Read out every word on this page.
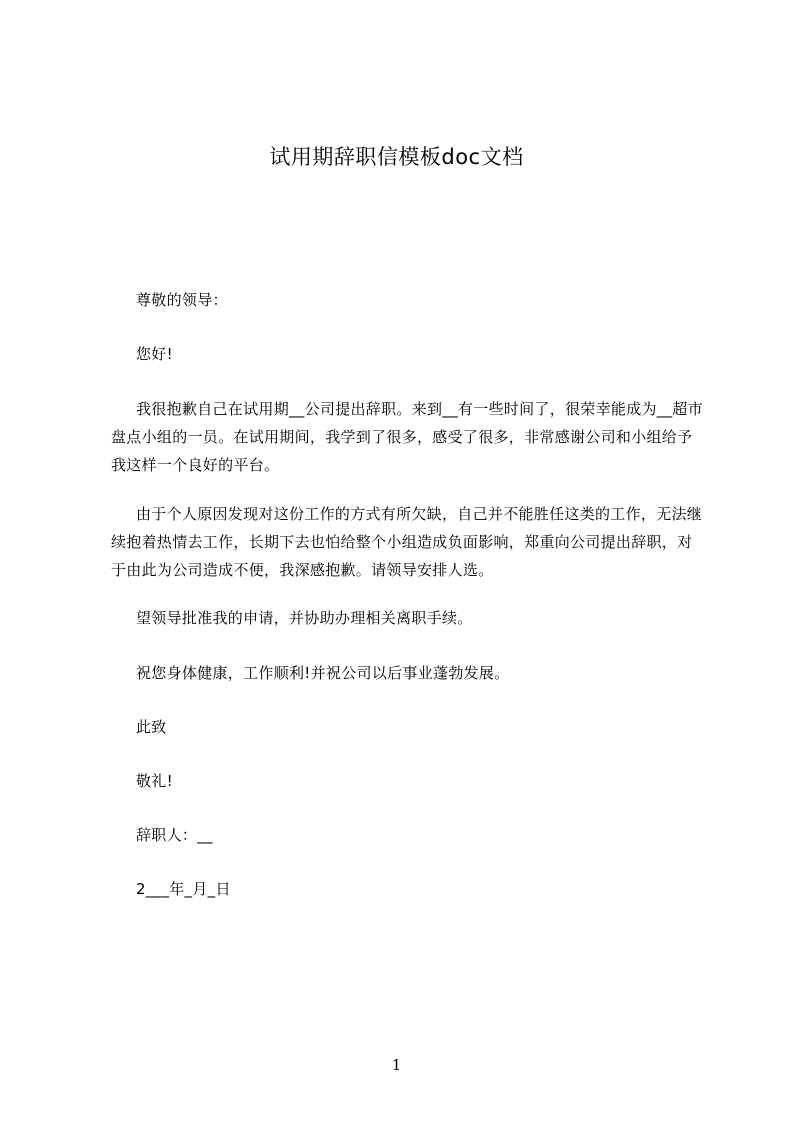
试用期辞职信模板doc文档
尊敬的领导：
您好!
我很抱歉自己在试用期__公司提出辞职。来到__有一些时间了，很荣幸能成为__超市盘点小组的一员。在试用期间，我学到了很多，感受了很多，非常感谢公司和小组给予我这样一个良好的平台。
由于个人原因发现对这份工作的方式有所欠缺，自己并不能胜任这类的工作，无法继续抱着热情去工作，长期下去也怕给整个小组造成负面影响，郑重向公司提出辞职，对于由此为公司造成不便，我深感抱歉。请领导安排人选。
望领导批准我的申请，并协助办理相关离职手续。
祝您身体健康，工作顺利!并祝公司以后事业蓬勃发展。
此致
敬礼!
辞职人：__
2___年_月_日
1
